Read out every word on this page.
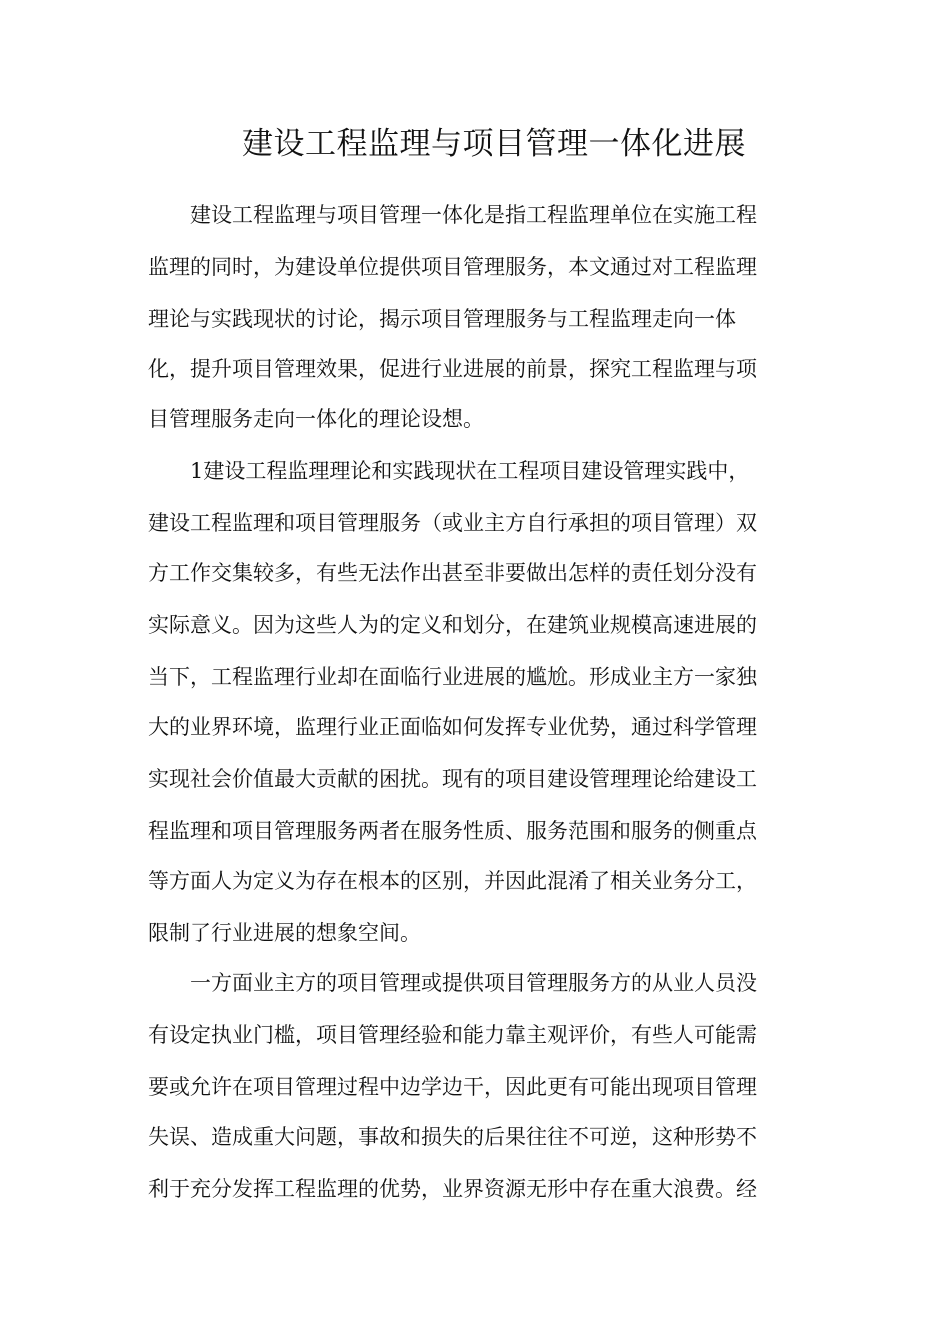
建设工程监理与项目管理一体化进展
建设工程监理与项目管理一体化是指工程监理单位在实施工程
监理的同时，为建设单位提供项目管理服务，本文通过对工程监理
理论与实践现状的讨论，揭示项目管理服务与工程监理走向一体
化，提升项目管理效果，促进行业进展的前景，探究工程监理与项
目管理服务走向一体化的理论设想。
1建设工程监理理论和实践现状在工程项目建设管理实践中，
建设工程监理和项目管理服务（或业主方自行承担的项目管理）双
方工作交集较多，有些无法作出甚至非要做出怎样的责任划分没有
实际意义。因为这些人为的定义和划分，在建筑业规模高速进展的
当下，工程监理行业却在面临行业进展的尴尬。形成业主方一家独
大的业界环境，监理行业正面临如何发挥专业优势，通过科学管理
实现社会价值最大贡献的困扰。现有的项目建设管理理论给建设工
程监理和项目管理服务两者在服务性质、服务范围和服务的侧重点
等方面人为定义为存在根本的区别，并因此混淆了相关业务分工，
限制了行业进展的想象空间。
一方面业主方的项目管理或提供项目管理服务方的从业人员没
有设定执业门槛，项目管理经验和能力靠主观评价，有些人可能需
要或允许在项目管理过程中边学边干，因此更有可能出现项目管理
失误、造成重大问题，事故和损失的后果往往不可逆，这种形势不
利于充分发挥工程监理的优势，业界资源无形中存在重大浪费。经
